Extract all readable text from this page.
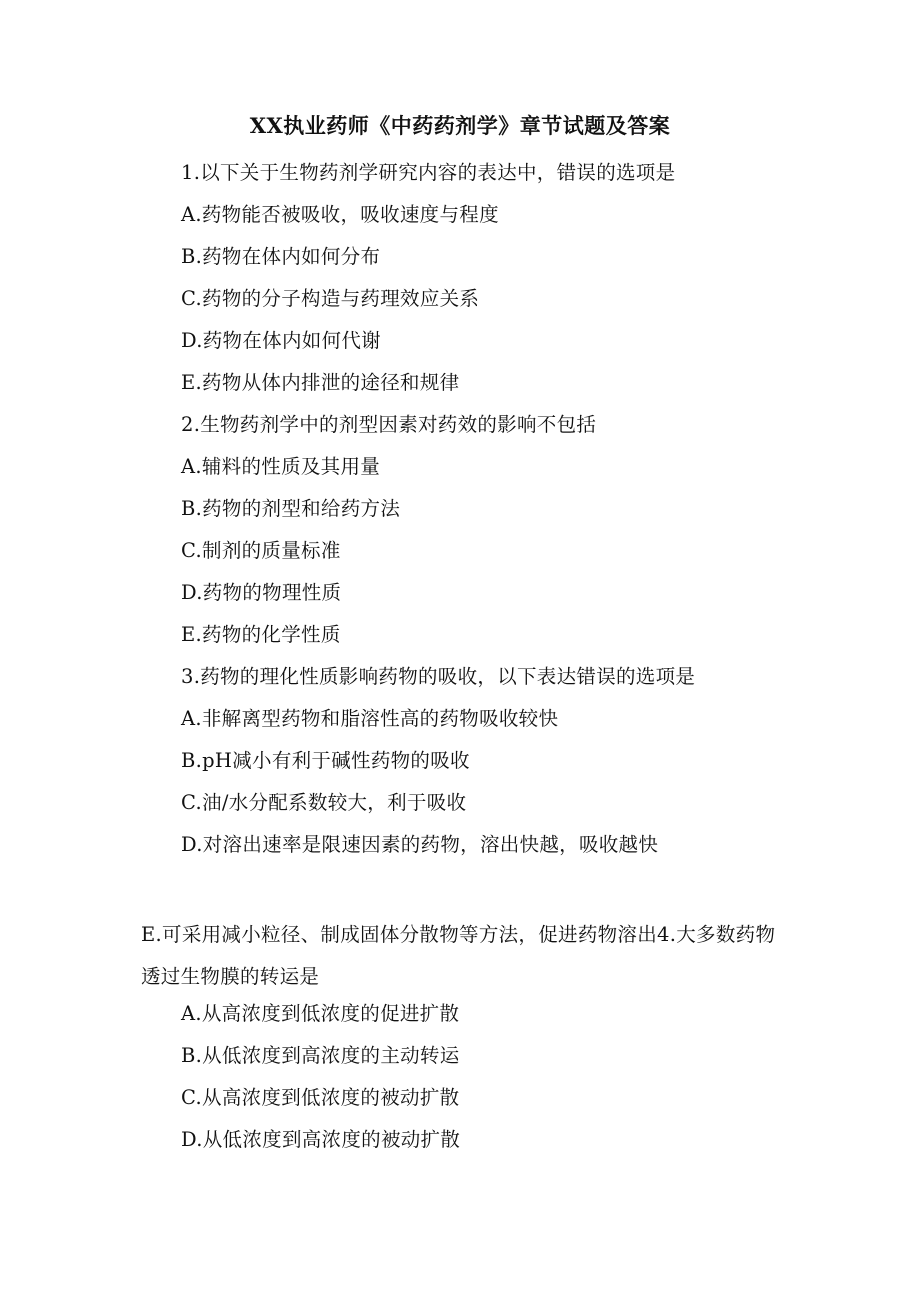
XX执业药师《中药药剂学》章节试题及答案
1.以下关于生物药剂学研究内容的表达中，错误的选项是
A.药物能否被吸收，吸收速度与程度
B.药物在体内如何分布
C.药物的分子构造与药理效应关系
D.药物在体内如何代谢
E.药物从体内排泄的途径和规律
2.生物药剂学中的剂型因素对药效的影响不包括
A.辅料的性质及其用量
B.药物的剂型和给药方法
C.制剂的质量标准
D.药物的物理性质
E.药物的化学性质
3.药物的理化性质影响药物的吸收，以下表达错误的选项是
A.非解离型药物和脂溶性高的药物吸收较快
B.pH减小有利于碱性药物的吸收
C.油/水分配系数较大，利于吸收
D.对溶出速率是限速因素的药物，溶出快越，吸收越快
E.可采用减小粒径、制成固体分散物等方法，促进药物溶出4.大多数药物透过生物膜的转运是
A.从高浓度到低浓度的促进扩散
B.从低浓度到高浓度的主动转运
C.从高浓度到低浓度的被动扩散
D.从低浓度到高浓度的被动扩散
